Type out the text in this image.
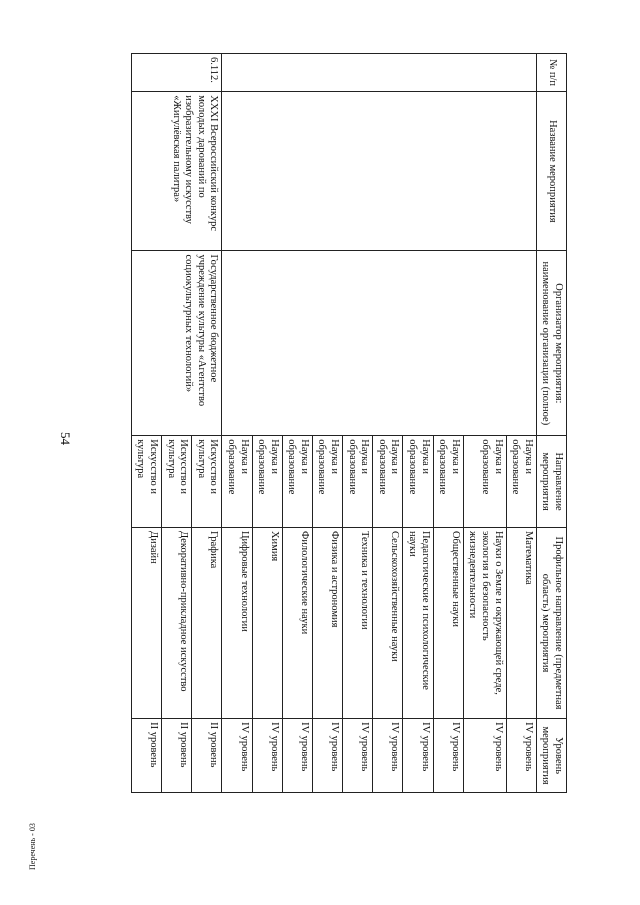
54
№ п/п	Название мероприятия	Организатор мероприятия: наименование организации (полное)	Направление мероприятия	Профильное направление (предметная область) мероприятия	Уровень мероприятия
			Наука и образование	Математика	IV уровень
			Наука и образование	Науки о Земле и окружающей среде, экология и безопасность жизнедеятельности	IV уровень
			Наука и образование	Общественные науки	IV уровень
			Наука и образование	Педагогические и психологические науки	IV уровень
			Наука и образование	Сельскохозяйственные науки	IV уровень
			Наука и образование	Техника и технологии	IV уровень
			Наука и образование	Физика и астрономия	IV уровень
			Наука и образование	Филологические науки	IV уровень
			Наука и образование	Химия	IV уровень
			Наука и образование	Цифровые технологии	IV уровень
6.112.	XXXI Всероссийский конкурс молодых дарований по изобразительному искусству «Жигулёвская палитра»	Государственное бюджетное учреждение культуры «Агентство социокультурных технологий»	Искусство и культура	Графика	II уровень
			Искусство и культура	Декоративно-прикладное искусство	II уровень
			Искусство и культура	Дизайн	II уровень
Перечень - 03
